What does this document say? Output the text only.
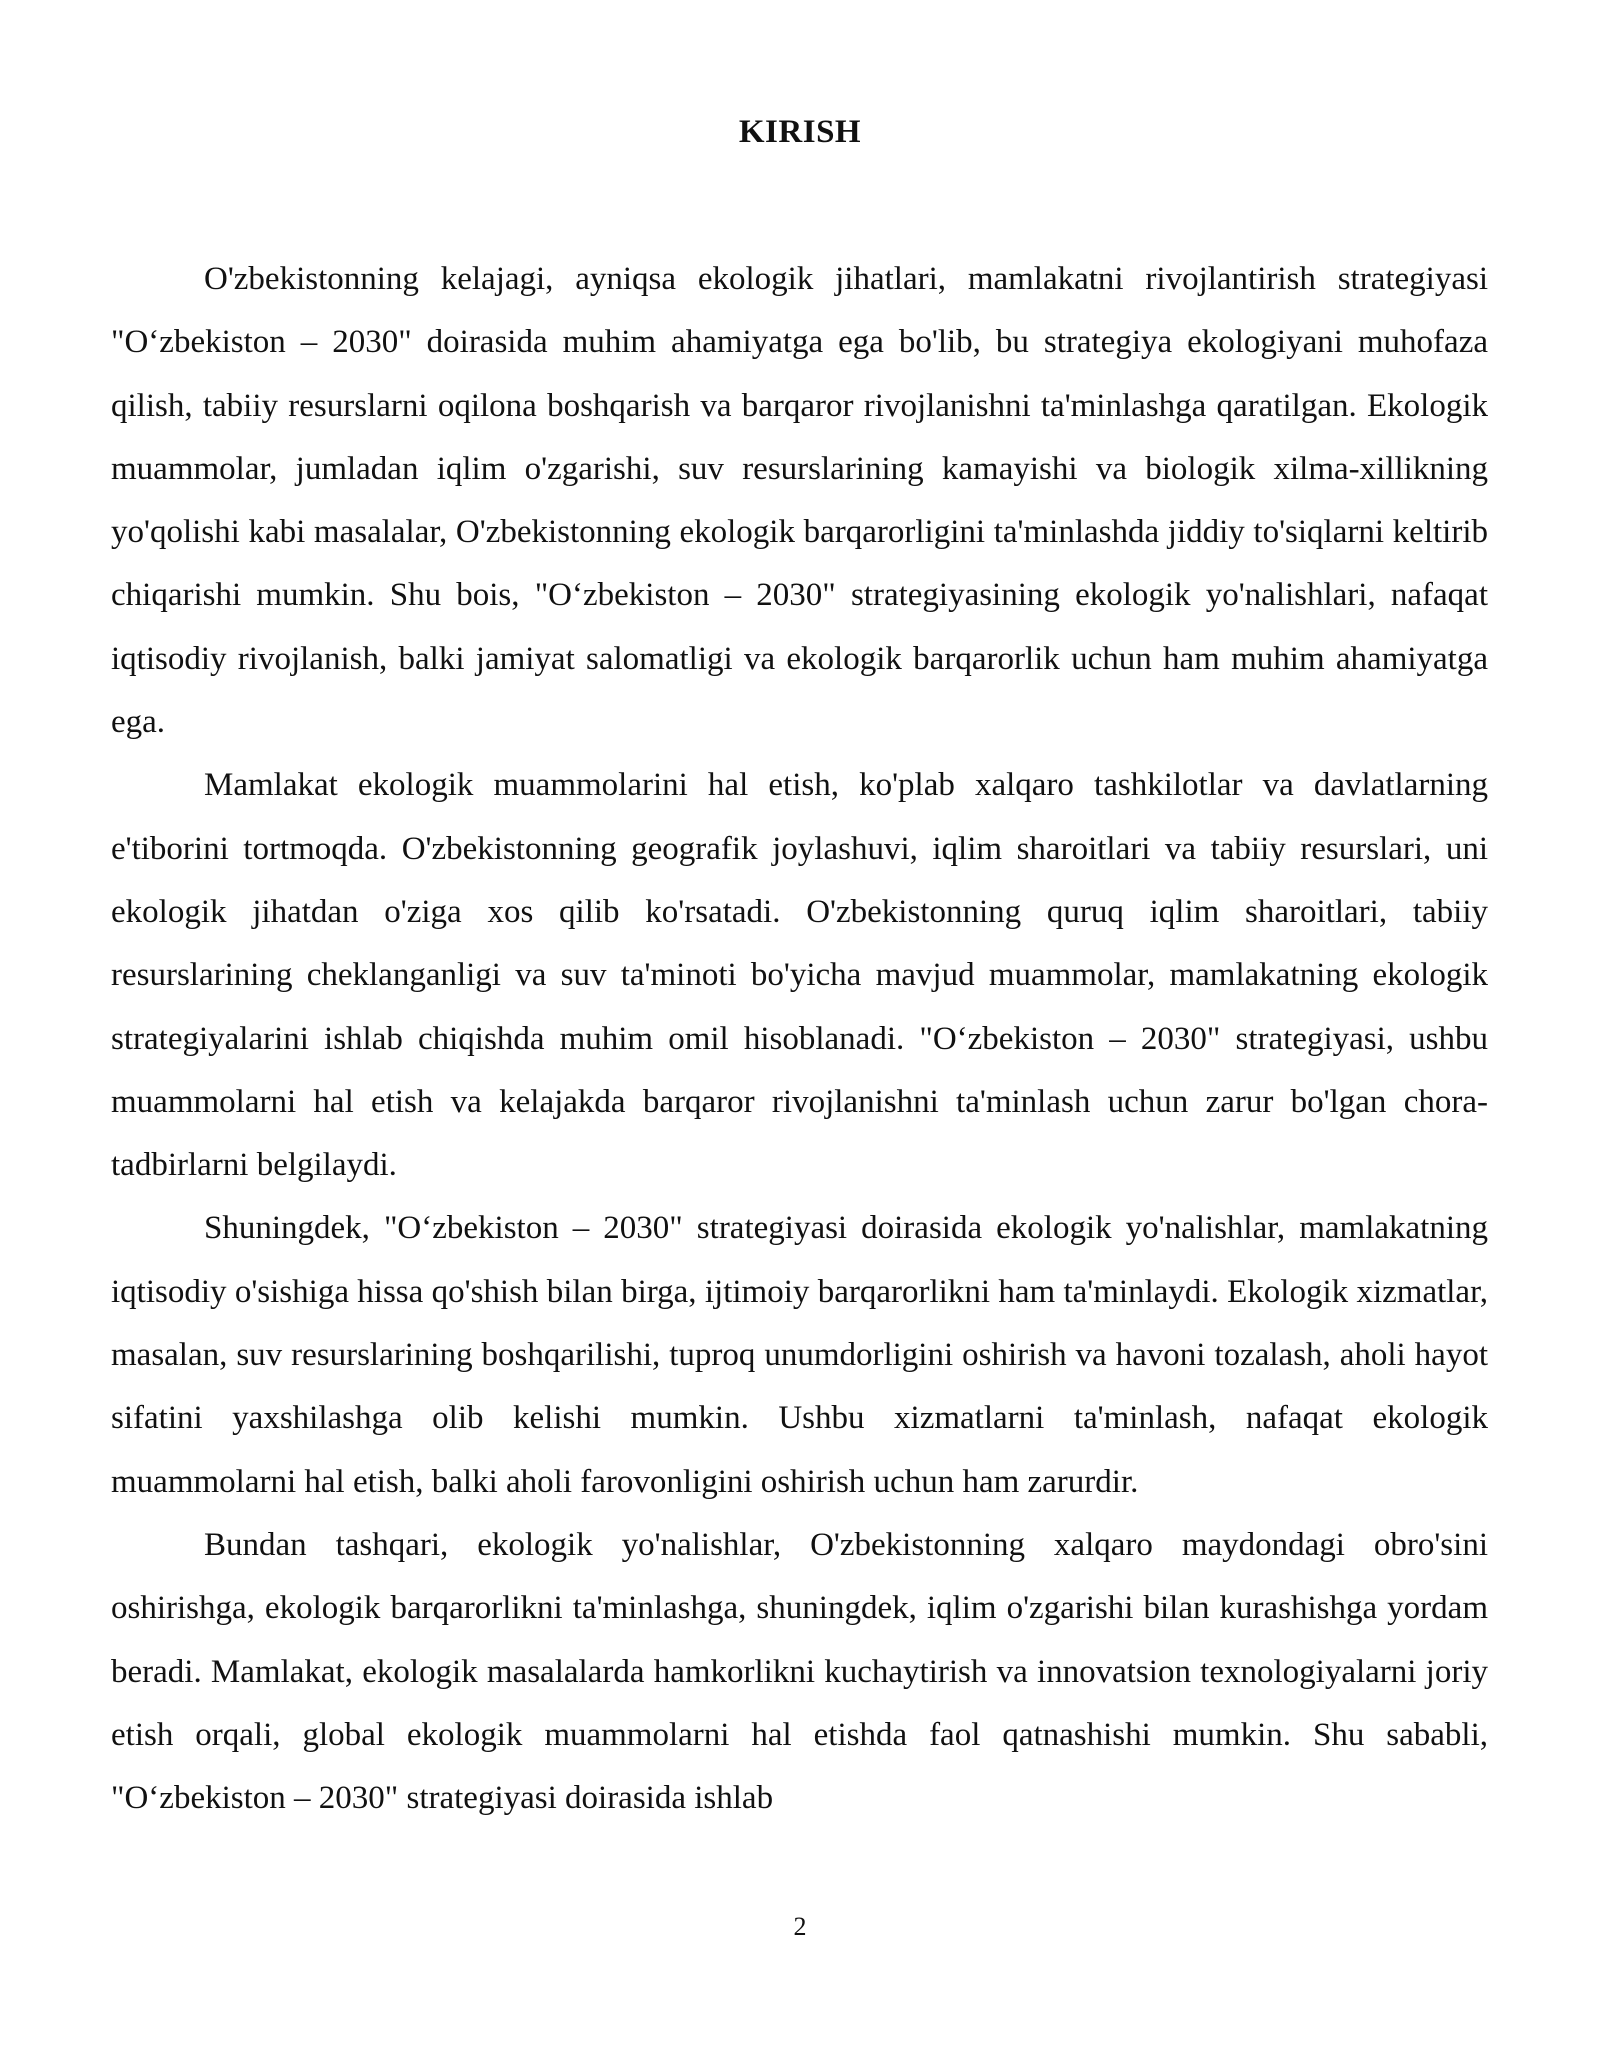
KIRISH

O'zbekistonning kelajagi, ayniqsa ekologik jihatlari, mamlakatni rivojlantirish strategiyasi "O‘zbekiston – 2030" doirasida muhim ahamiyatga ega bo'lib, bu strategiya ekologiyani muhofaza qilish, tabiiy resurslarni oqilona boshqarish va barqaror rivojlanishni ta'minlashga qaratilgan. Ekologik muammolar, jumladan iqlim o'zgarishi, suv resurslarining kamayishi va biologik xilma-xillikning yo'qolishi kabi masalalar, O'zbekistonning ekologik barqarorligini ta'minlashda jiddiy to'siqlarni keltirib chiqarishi mumkin. Shu bois, "O‘zbekiston – 2030" strategiyasining ekologik yo'nalishlari, nafaqat iqtisodiy rivojlanish, balki jamiyat salomatligi va ekologik barqarorlik uchun ham muhim ahamiyatga ega.

Mamlakat ekologik muammolarini hal etish, ko'plab xalqaro tashkilotlar va davlatlarning e'tiborini tortmoqda. O'zbekistonning geografik joylashuvi, iqlim sharoitlari va tabiiy resurslari, uni ekologik jihatdan o'ziga xos qilib ko'rsatadi. O'zbekistonning quruq iqlim sharoitlari, tabiiy resurslarining cheklanganligi va suv ta'minoti bo'yicha mavjud muammolar, mamlakatning ekologik strategiyalarini ishlab chiqishda muhim omil hisoblanadi. "O‘zbekiston – 2030" strategiyasi, ushbu muammolarni hal etish va kelajakda barqaror rivojlanishni ta'minlash uchun zarur bo'lgan chora-tadbirlarni belgilaydi.

Shuningdek, "O‘zbekiston – 2030" strategiyasi doirasida ekologik yo'nalishlar, mamlakatning iqtisodiy o'sishiga hissa qo'shish bilan birga, ijtimoiy barqarorlikni ham ta'minlaydi. Ekologik xizmatlar, masalan, suv resurslarining boshqarilishi, tuproq unumdorligini oshirish va havoni tozalash, aholi hayot sifatini yaxshilashga olib kelishi mumkin. Ushbu xizmatlarni ta'minlash, nafaqat ekologik muammolarni hal etish, balki aholi farovonligini oshirish uchun ham zarurdir.

Bundan tashqari, ekologik yo'nalishlar, O'zbekistonning xalqaro maydondagi obro'sini oshirishga, ekologik barqarorlikni ta'minlashga, shuningdek, iqlim o'zgarishi bilan kurashishga yordam beradi. Mamlakat, ekologik masalalarda hamkorlikni kuchaytirish va innovatsion texnologiyalarni joriy etish orqali, global ekologik muammolarni hal etishda faol qatnashishi mumkin. Shu sababli, "O‘zbekiston – 2030" strategiyasi doirasida ishlab

2
